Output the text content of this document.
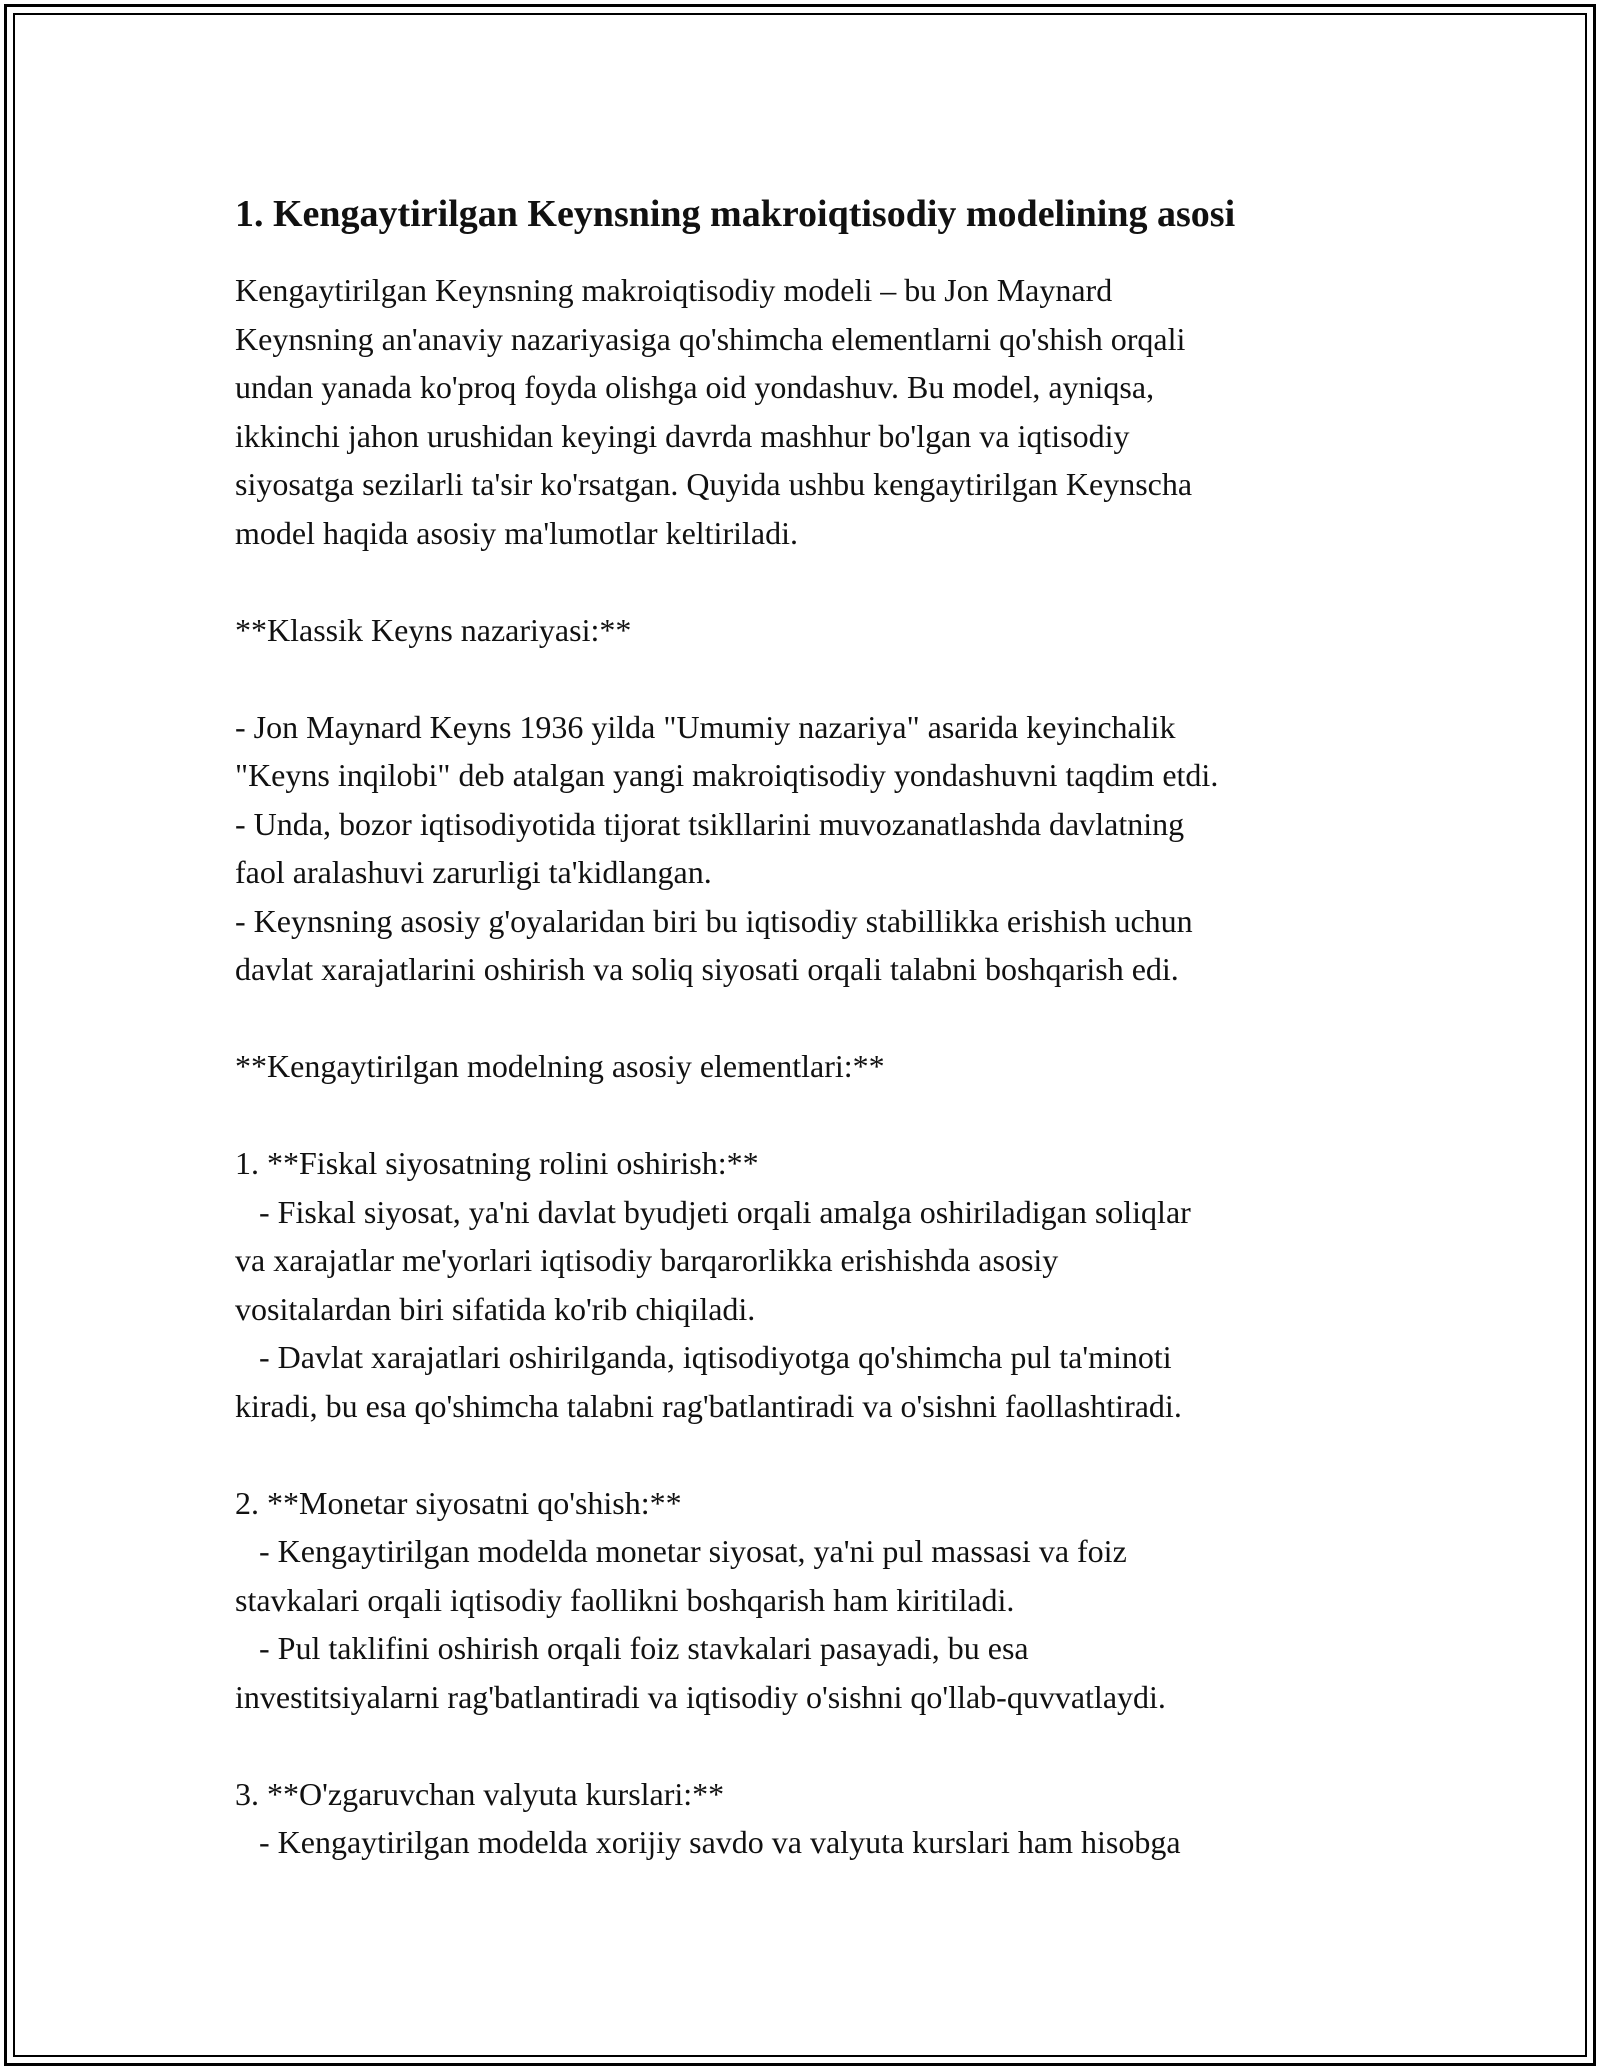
1. Kengaytirilgan Keynsning makroiqtisodiy modelining asosi
Kengaytirilgan Keynsning makroiqtisodiy modeli – bu Jon Maynard
Keynsning an'anaviy nazariyasiga qo'shimcha elementlarni qo'shish orqali
undan yanada ko'proq foyda olishga oid yondashuv. Bu model, ayniqsa,
ikkinchi jahon urushidan keyingi davrda mashhur bo'lgan va iqtisodiy
siyosatga sezilarli ta'sir ko'rsatgan. Quyida ushbu kengaytirilgan Keynscha
model haqida asosiy ma'lumotlar keltiriladi.
**Klassik Keyns nazariyasi:**
- Jon Maynard Keyns 1936 yilda "Umumiy nazariya" asarida keyinchalik
"Keyns inqilobi" deb atalgan yangi makroiqtisodiy yondashuvni taqdim etdi.
- Unda, bozor iqtisodiyotida tijorat tsikllarini muvozanatlashda davlatning
faol aralashuvi zarurligi ta'kidlangan.
- Keynsning asosiy g'oyalaridan biri bu iqtisodiy stabillikka erishish uchun
davlat xarajatlarini oshirish va soliq siyosati orqali talabni boshqarish edi.
**Kengaytirilgan modelning asosiy elementlari:**
1. **Fiskal siyosatning rolini oshirish:**
- Fiskal siyosat, ya'ni davlat byudjeti orqali amalga oshiriladigan soliqlar
va xarajatlar me'yorlari iqtisodiy barqarorlikka erishishda asosiy
vositalardan biri sifatida ko'rib chiqiladi.
- Davlat xarajatlari oshirilganda, iqtisodiyotga qo'shimcha pul ta'minoti
kiradi, bu esa qo'shimcha talabni rag'batlantiradi va o'sishni faollashtiradi.
2. **Monetar siyosatni qo'shish:**
- Kengaytirilgan modelda monetar siyosat, ya'ni pul massasi va foiz
stavkalari orqali iqtisodiy faollikni boshqarish ham kiritiladi.
- Pul taklifini oshirish orqali foiz stavkalari pasayadi, bu esa
investitsiyalarni rag'batlantiradi va iqtisodiy o'sishni qo'llab-quvvatlaydi.
3. **O'zgaruvchan valyuta kurslari:**
- Kengaytirilgan modelda xorijiy savdo va valyuta kurslari ham hisobga
